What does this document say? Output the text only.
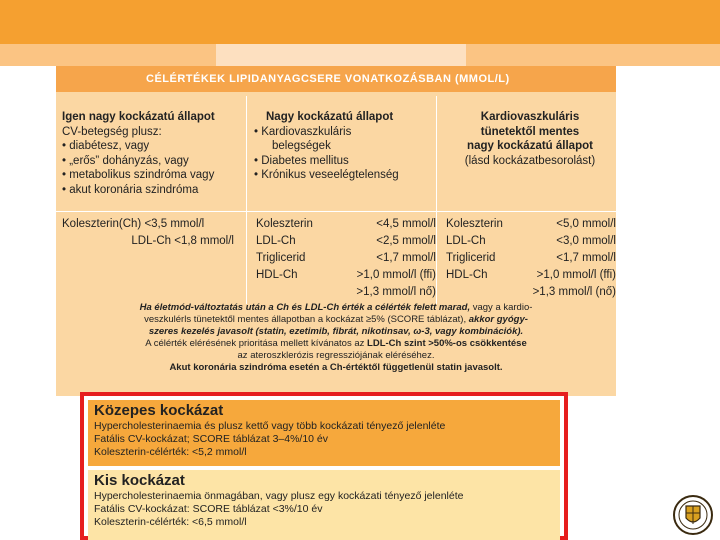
CÉLÉRTÉKEK LIPIDANYAGCSERE VONATKOZÁSBAN (MMOL/L)
Igen nagy kockázatú állapot
CV-betegség plusz:
• diabétesz, vagy
• „erős” dohányzás, vagy
• metabolikus szindróma vagy
• akut koronária szindróma
Nagy kockázatú állapot
• Kardiovaszkuláris
belegségek
• Diabetes mellitus
• Krónikus veseelégtelenség
Kardiovaszkuláris
tünetektől mentes
nagy kockázatú állapot
(lásd kockázatbesorolást)
Koleszterin(Ch) <3,5 mmol/l
LDL-Ch <1,8 mmol/l
Koleszterin	<4,5 mmol/l
LDL-Ch	<2,5 mmol/l
Triglicerid	<1,7 mmol/l
HDL-Ch	>1,0 mmol/l (ffi)
>1,3 mmol/l nő)
Koleszterin	<5,0 mmol/l
LDL-Ch	<3,0 mmol/l
Triglicerid	<1,7 mmol/l
HDL-Ch	>1,0 mmol/l (ffi)
>1,3 mmol/l (nő)
Ha életmód-változtatás után a Ch és LDL-Ch érték a célérték felett marad, vagy a kardio-
veszkulérls tünetektől mentes állapotban a kockázat ≥5% (SCORE táblázat), akkor gyógy-
szeres kezelés javasolt (statin, ezetimib, fibrát, nikotinsav, ω-3, vagy kombinációk).
A célérték elérésének prioritása mellett kívánatos az LDL-Ch szint >50%-os csökkentése
az ateroszklerózis regressziójának eléréséhez.
Akut koronária szindróma esetén a Ch-értéktől függetlenül statin javasolt.
Közepes kockázat
Hypercholesterinaemia és plusz kettő vagy több kockázati tényező jelenléte
Fatális CV-kockázat; SCORE táblázat 3–4%/10 év
Koleszterin-célérték: <5,2 mmol/l
Kis kockázat
Hypercholesterinaemia önmagában, vagy plusz egy kockázati tényező jelenléte
Fatális CV-kockázat: SCORE táblázat <3%/10 év
Koleszterin-célérték: <6,5 mmol/l
